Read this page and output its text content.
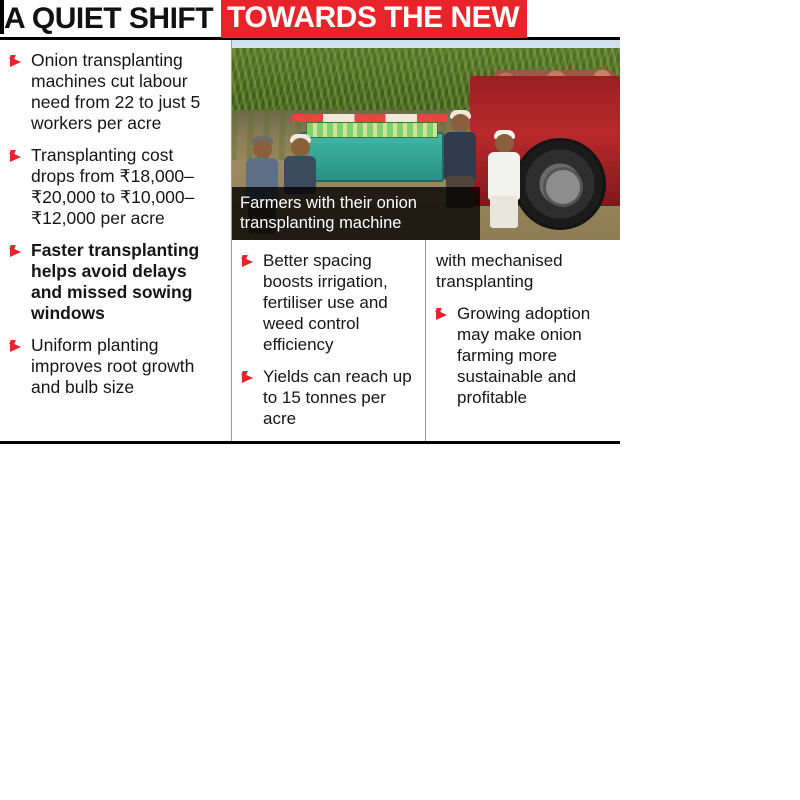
A QUIET SHIFT TOWARDS THE NEW
Onion transplanting machines cut labour need from 22 to just 5 workers per acre
Transplanting cost drops from ₹18,000–₹20,000 to ₹10,000–₹12,000 per acre
Faster transplanting helps avoid delays and missed sowing windows
Uniform planting improves root growth and bulb size
Farmers with their onion transplanting machine
Better spacing boosts irrigation, fertiliser use and weed control efficiency
Yields can reach up to 15 tonnes per acre

with mechanised transplanting

Growing adoption may make onion farming more sustainable and profitable
